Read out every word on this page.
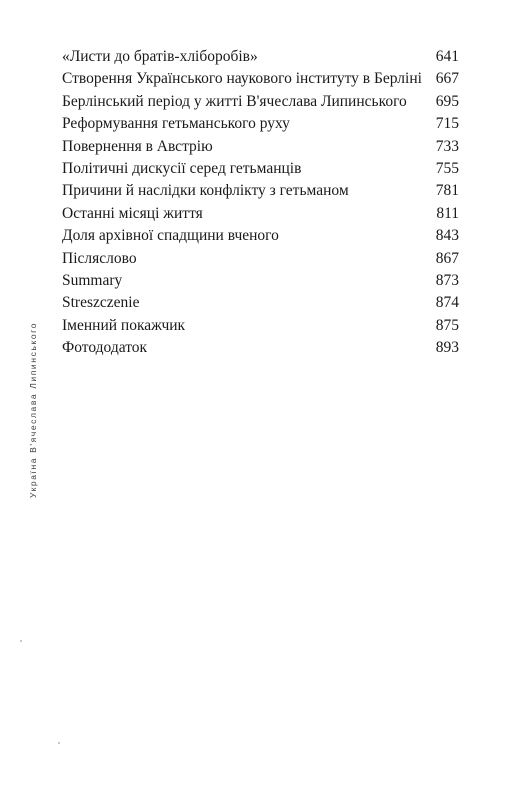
Україна В'ячеслава Липинського
«Листи до братів-хліборобів»	641
Створення Українського наукового інституту в Берліні 667
Берлінський період у житті В'ячеслава Липинського	695
Реформування гетьманського руху	715
Повернення в Австрію	733
Політичні дискусії серед гетьманців	755
Причини й наслідки конфлікту з гетьманом	781
Останні місяці життя	811
Доля архівної спадщини вченого	843
Післяслово	867
Summary	873
Streszczenie	874
Іменний покажчик	875
Фотододаток	893
